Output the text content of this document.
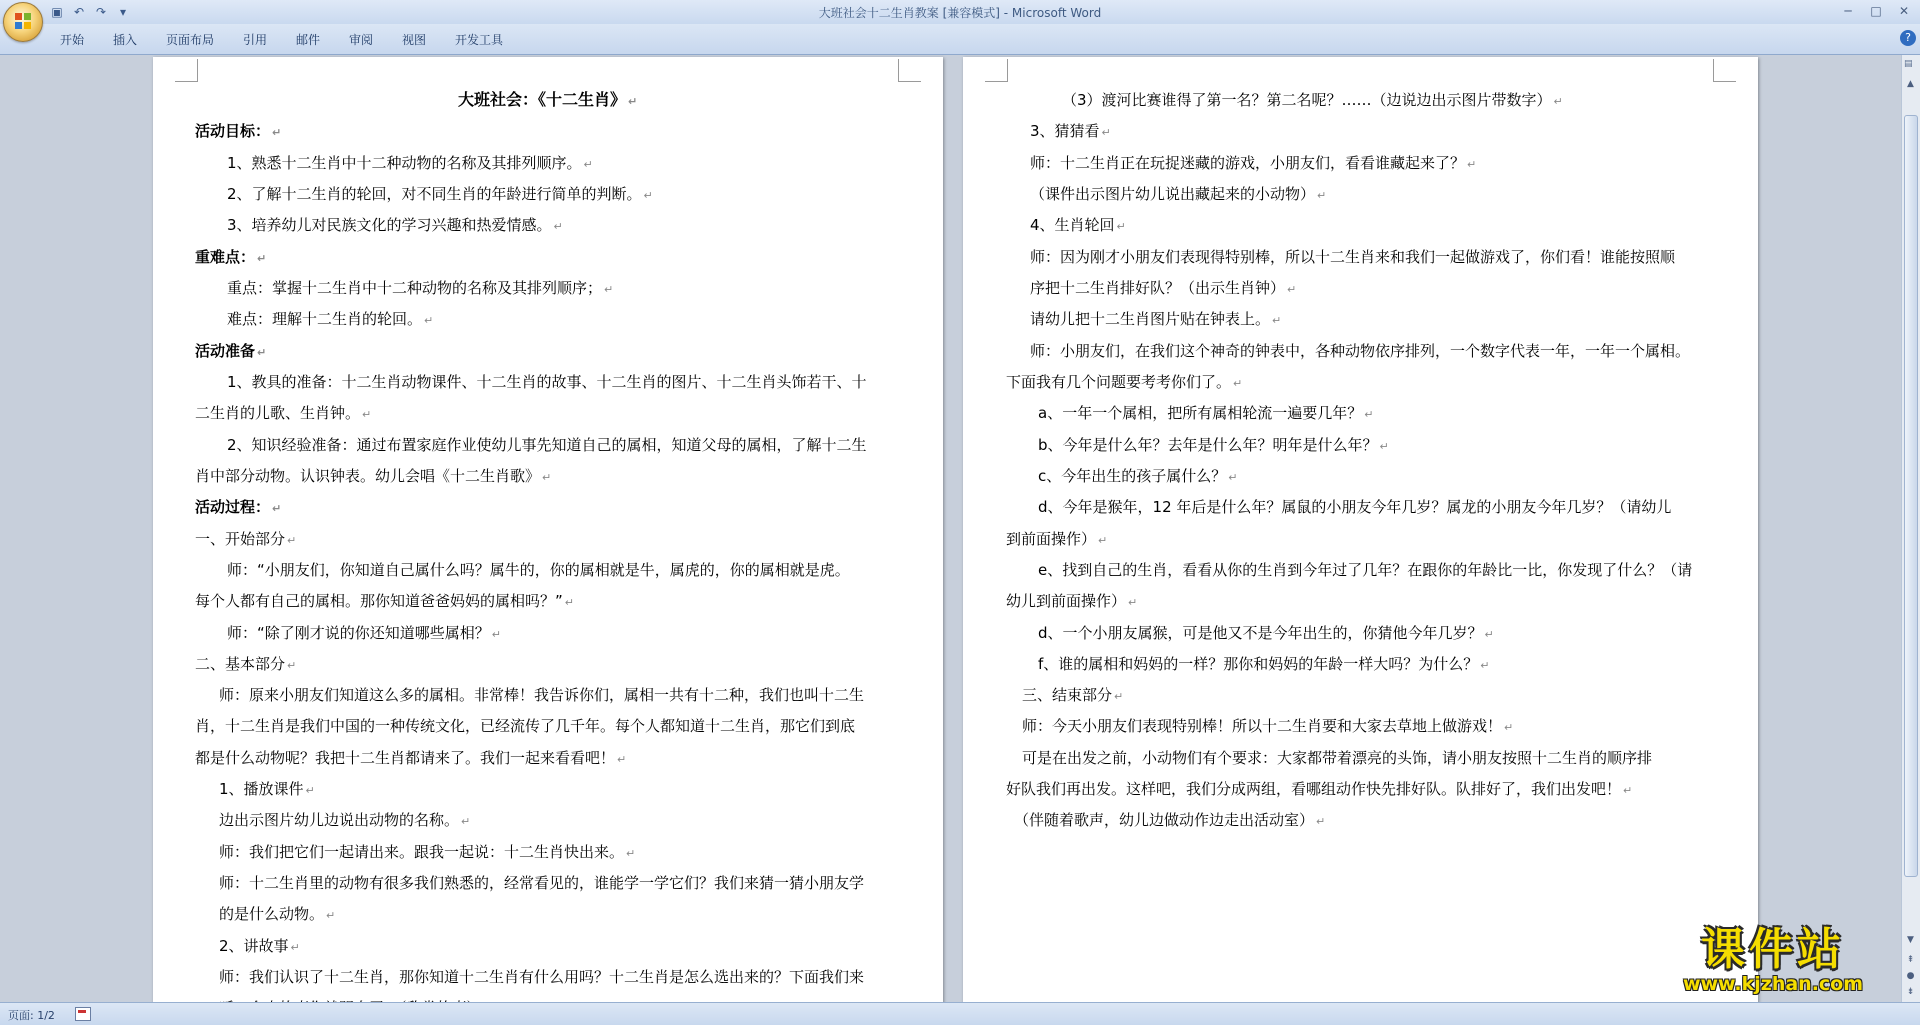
▣ ↶ ↷	▾	大班社会十二生肖教案 [兼容模式] - Microsoft Word	─	□	✕
开始 插入 页面布局 引用 邮件 审阅 视图 开发工具	?
大班社会：《十二生肖》 ↵
活动目标： ↵
1、熟悉十二生肖中十二种动物的名称及其排列顺序。 ↵
2、了解十二生肖的轮回，对不同生肖的年龄进行简单的判断。 ↵
3、培养幼儿对民族文化的学习兴趣和热爱情感。 ↵
重难点： ↵
重点：掌握十二生肖中十二种动物的名称及其排列顺序； ↵
难点：理解十二生肖的轮回。 ↵
活动准备 ↵
1、教具的准备：十二生肖动物课件、十二生肖的故事、十二生肖的图片、十二生肖头饰若干、十
二生肖的儿歌、生肖钟。 ↵
2、知识经验准备：通过布置家庭作业使幼儿事先知道自己的属相，知道父母的属相，了解十二生
肖中部分动物。认识钟表。幼儿会唱《十二生肖歌》 ↵
活动过程： ↵
一、开始部分 ↵
师：“小朋友们，你知道自己属什么吗？属牛的，你的属相就是牛，属虎的，你的属相就是虎。
每个人都有自己的属相。那你知道爸爸妈妈的属相吗？” ↵
师：“除了刚才说的你还知道哪些属相？ ↵
二、基本部分 ↵
师：原来小朋友们知道这么多的属相。非常棒！我告诉你们，属相一共有十二种，我们也叫十二生
肖，十二生肖是我们中国的一种传统文化，已经流传了几千年。每个人都知道十二生肖，那它们到底
都是什么动物呢？我把十二生肖都请来了。我们一起来看看吧！ ↵
1、播放课件 ↵
边出示图片幼儿边说出动物的名称。 ↵
师：我们把它们一起请出来。跟我一起说：十二生肖快出来。 ↵
师：十二生肖里的动物有很多我们熟悉的，经常看见的，谁能学一学它们？我们来猜一猜小朋友学
的是什么动物。 ↵
2、讲故事 ↵
师：我们认识了十二生肖，那你知道十二生肖有什么用吗？十二生肖是怎么选出来的？下面我们来
（3）渡河比赛谁得了第一名？第二名呢？……（边说边出示图片带数字） ↵
3、猜猜看 ↵
师：十二生肖正在玩捉迷藏的游戏，小朋友们，看看谁藏起来了？ ↵
（课件出示图片幼儿说出藏起来的小动物） ↵
4、生肖轮回 ↵
师：因为刚才小朋友们表现得特别棒，所以十二生肖来和我们一起做游戏了，你们看！谁能按照顺
序把十二生肖排好队？（出示生肖钟） ↵
请幼儿把十二生肖图片贴在钟表上。 ↵
师：小朋友们，在我们这个神奇的钟表中，各种动物依序排列，一个数字代表一年，一年一个属相。
下面我有几个问题要考考你们了。 ↵
a、一年一个属相，把所有属相轮流一遍要几年？ ↵
b、今年是什么年？去年是什么年？明年是什么年？ ↵
c、今年出生的孩子属什么？ ↵
d、今年是猴年，12 年后是什么年？属鼠的小朋友今年几岁？属龙的小朋友今年几岁？（请幼儿
到前面操作） ↵
e、找到自己的生肖，看看从你的生肖到今年过了几年？在跟你的年龄比一比，你发现了什么？（请
幼儿到前面操作） ↵
d、一个小朋友属猴，可是他又不是今年出生的，你猜他今年几岁？ ↵
f、谁的属相和妈妈的一样？那你和妈妈的年龄一样大吗？为什么？ ↵
三、结束部分 ↵
师：今天小朋友们表现特别棒！所以十二生肖要和大家去草地上做游戏！ ↵
可是在出发之前，小动物们有个要求：大家都带着漂亮的头饰，请小朋友按照十二生肖的顺序排
好队我们再出发。这样吧，我们分成两组，看哪组动作快先排好队。队排好了，我们出发吧！ ↵
（伴随着歌声，幼儿边做动作边走出活动室） ↵
▤
▲
▼
⇞
●
⇟
页面: 1/2
课件站
www.kjzhan.com
